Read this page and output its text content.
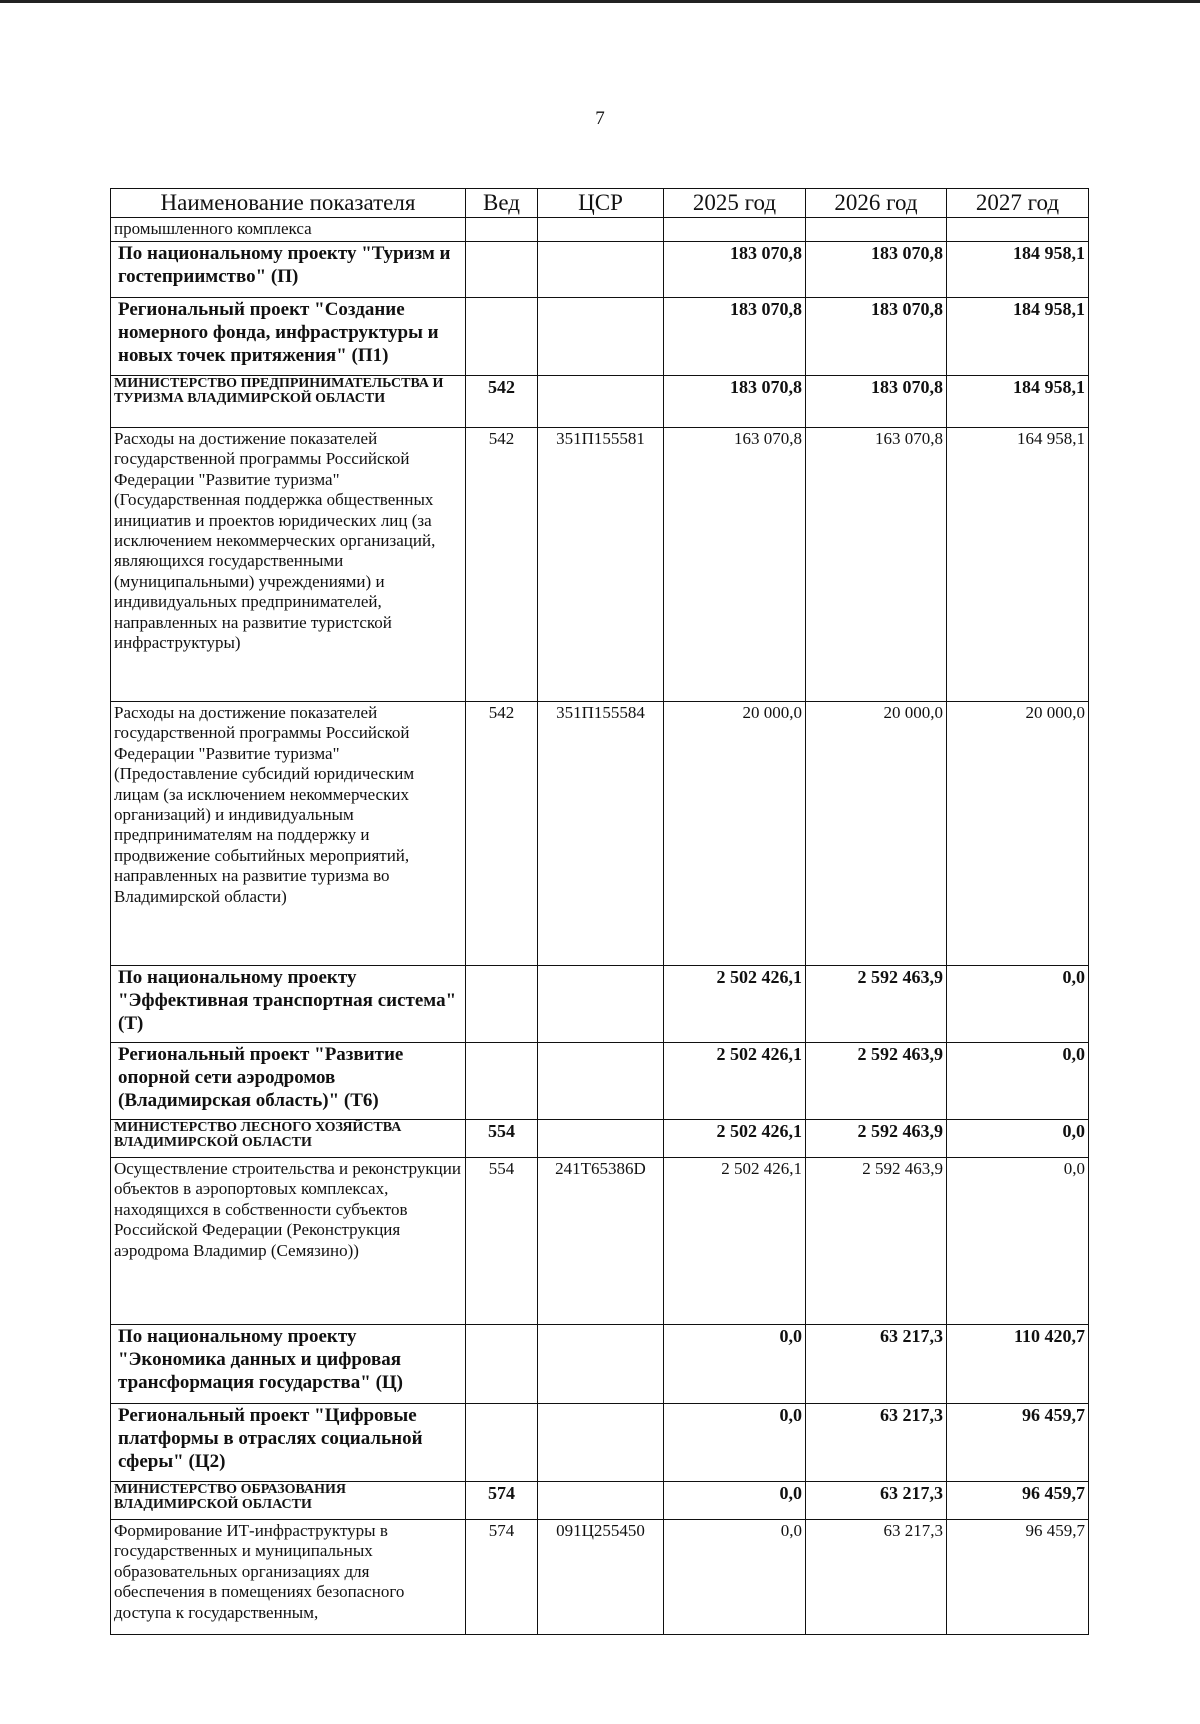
7
Наименование показателя	Вед	ЦСР	2025 год	2026 год	2027 год
промышленного комплекса					
По национальному проекту "Туризм и гостеприимство" (П)			183 070,8	183 070,8	184 958,1
Региональный проект "Создание номерного фонда, инфраструктуры и новых точек притяжения" (П1)			183 070,8	183 070,8	184 958,1
МИНИСТЕРСТВО ПРЕДПРИНИМАТЕЛЬСТВА И ТУРИЗМА ВЛАДИМИРСКОЙ ОБЛАСТИ	542		183 070,8	183 070,8	184 958,1
Расходы на достижение показателей государственной программы Российской Федерации "Развитие туризма" (Государственная поддержка общественных инициатив и проектов юридических лиц (за исключением некоммерческих организаций, являющихся государственными (муниципальными) учреждениями) и индивидуальных предпринимателей, направленных на развитие туристской инфраструктуры)	542	351П155581	163 070,8	163 070,8	164 958,1
Расходы на достижение показателей государственной программы Российской Федерации "Развитие туризма" (Предоставление субсидий юридическим лицам (за исключением некоммерческих организаций) и индивидуальным предпринимателям на поддержку и продвижение событийных мероприятий, направленных на развитие туризма во Владимирской области)	542	351П155584	20 000,0	20 000,0	20 000,0
По национальному проекту "Эффективная транспортная система" (Т)			2 502 426,1	2 592 463,9	0,0
Региональный проект "Развитие опорной сети аэродромов (Владимирская область)" (Т6)			2 502 426,1	2 592 463,9	0,0
МИНИСТЕРСТВО ЛЕСНОГО ХОЗЯЙСТВА ВЛАДИМИРСКОЙ ОБЛАСТИ	554		2 502 426,1	2 592 463,9	0,0
Осуществление строительства и реконструкции объектов в аэропортовых комплексах, находящихся в собственности субъектов Российской Федерации (Реконструкция аэродрома Владимир (Семязино))	554	241Т65386D	2 502 426,1	2 592 463,9	0,0
По национальному проекту "Экономика данных и цифровая трансформация государства" (Ц)			0,0	63 217,3	110 420,7
Региональный проект "Цифровые платформы в отраслях социальной сферы" (Ц2)			0,0	63 217,3	96 459,7
МИНИСТЕРСТВО ОБРАЗОВАНИЯ ВЛАДИМИРСКОЙ ОБЛАСТИ	574		0,0	63 217,3	96 459,7
Формирование ИТ-инфраструктуры в государственных и муниципальных образовательных организациях для обеспечения в помещениях безопасного доступа к государственным,	574	091Ц255450	0,0	63 217,3	96 459,7
